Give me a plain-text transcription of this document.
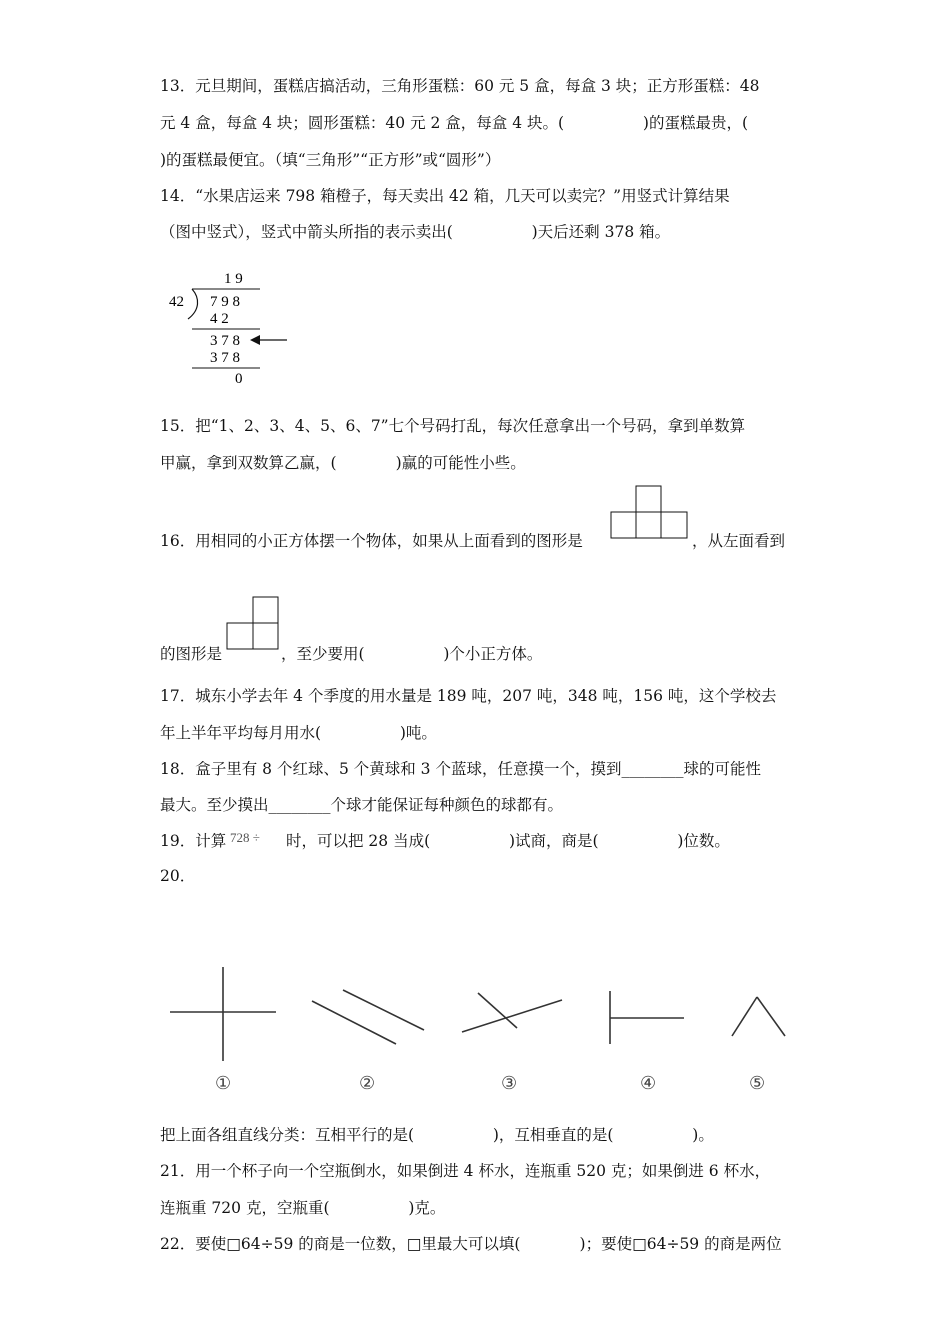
13．元旦期间，蛋糕店搞活动，三角形蛋糕：60 元 5 盒，每盒 3 块；正方形蛋糕：48
元 4 盒，每盒 4 块；圆形蛋糕：40 元 2 盒，每盒 4 块。(                )的蛋糕最贵，(
)的蛋糕最便宜。（填“三角形”“正方形”或“圆形”）
14．“水果店运来 798 箱橙子，每天卖出 42 箱，几天可以卖完？”用竖式计算结果
（图中竖式），竖式中箭头所指的表示卖出(                )天后还剩 378 箱。
1 9
42 7 9 8
4 2
3 7 8
3 7 8
0
15．把“1、2、3、4、5、6、7”七个号码打乱，每次任意拿出一个号码，拿到单数算
甲赢，拿到双数算乙赢，(            )赢的可能性小些。
16．用相同的小正方体摆一个物体，如果从上面看到的图形是	，从左面看到
的图形是	，至少要用(                )个小正方体。
17．城东小学去年 4 个季度的用水量是 189 吨，207 吨，348 吨，156 吨，这个学校去
年上半年平均每月用水(                )吨。
18．盒子里有 8 个红球、5 个黄球和 3 个蓝球，任意摸一个，摸到________球的可能性
最大。至少摸出________个球才能保证每种颜色的球都有。
19．计算 728 ÷ 时，可以把 28 当成(                )试商，商是(                )位数。
20．
①	②	③	④	⑤
把上面各组直线分类：互相平行的是(                )，互相垂直的是(                )。
21．用一个杯子向一个空瓶倒水，如果倒进 4 杯水，连瓶重 520 克；如果倒进 6 杯水，
连瓶重 720 克，空瓶重(                )克。
22．要使□64÷59 的商是一位数，□里最大可以填(            )；要使□64÷59 的商是两位
